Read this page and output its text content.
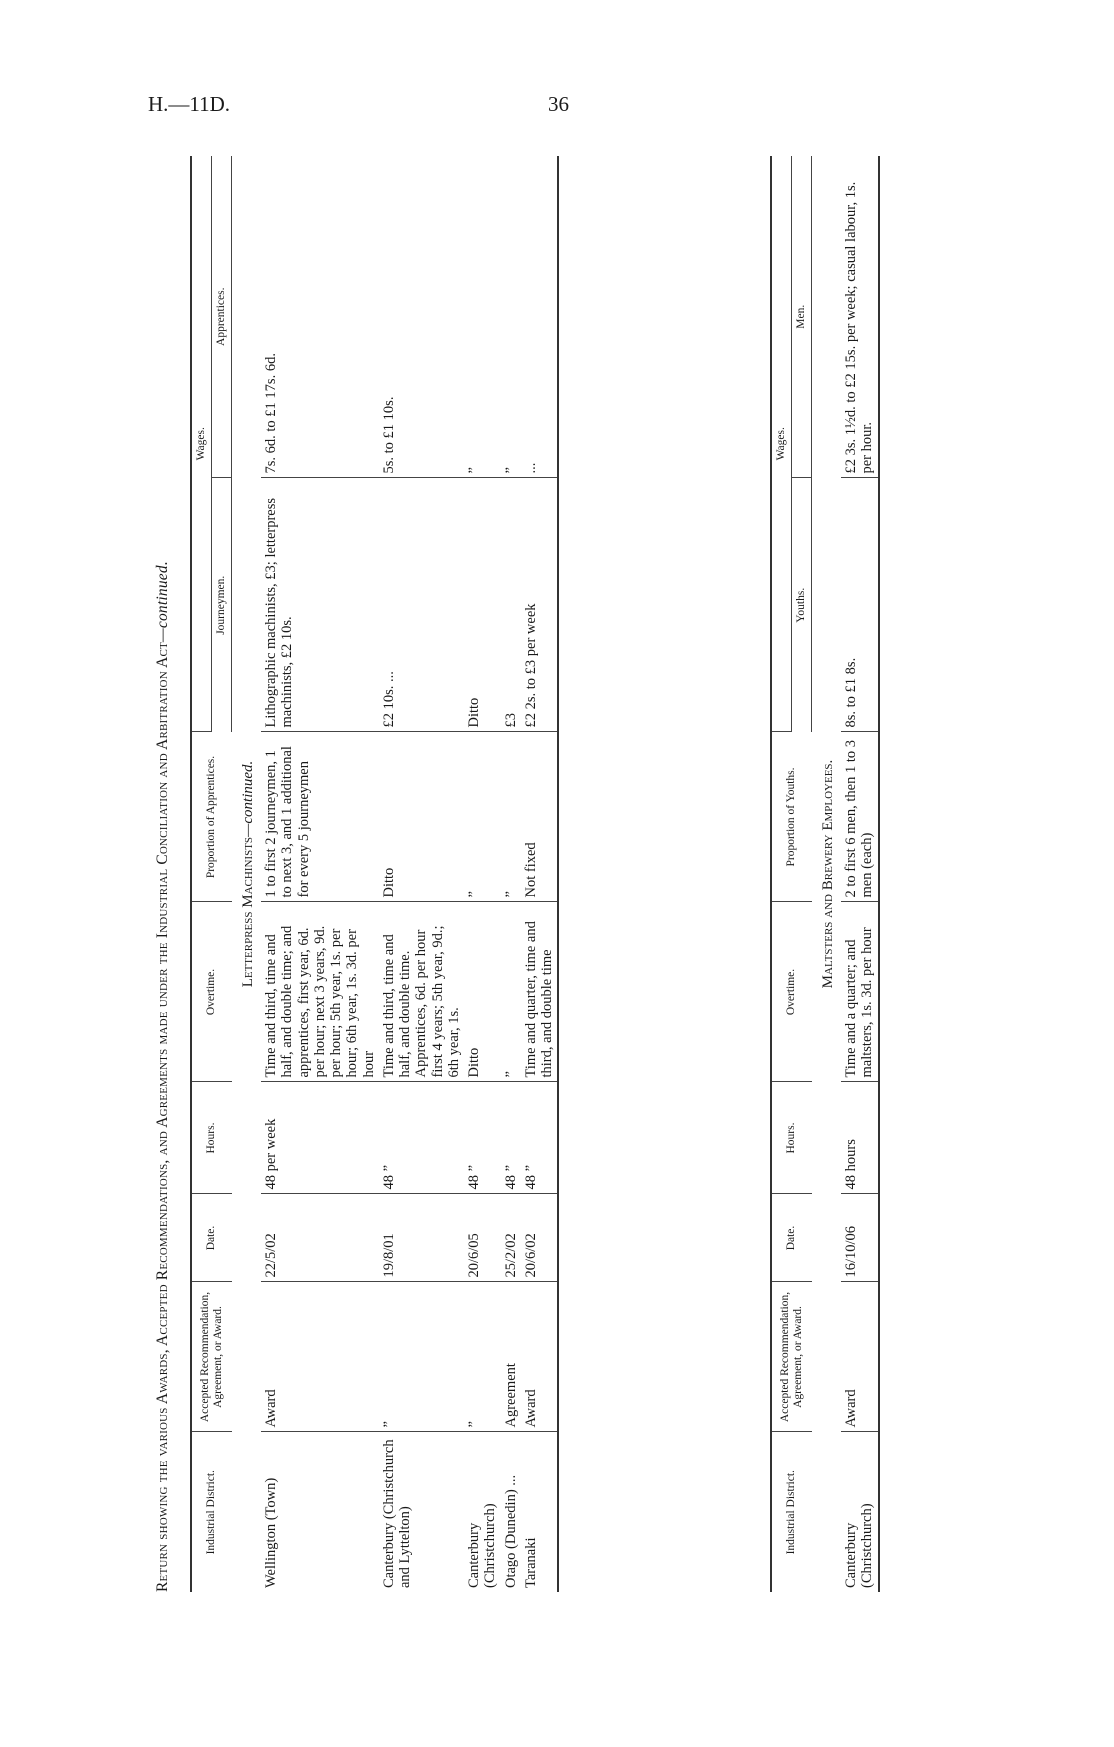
H.—11D.	36
Return showing the various Awards, Accepted Recommendations, and Agreements made under the Industrial Conciliation and Arbitration Act—continued.
Industrial District.	Accepted Recommendation, Agreement, or Award.	Date.	Hours.	Overtime.	Proportion of Apprentices.	Wages.	
						Journeymen.	Apprentices.
Letterpress Machinists—continued.							
Wellington (Town)	Award	22/5/02	48 per week	Time and third, time and half, and double time; and apprentices, first year, 6d. per hour; next 3 years, 9d. per hour; 5th year, 1s. per hour; 6th year, 1s. 3d. per hour	1 to first 2 journeymen, 1 to next 3, and 1 additional for every 5 journeymen	Lithographic machinists, £3; letterpress machinists, £2 10s.	7s. 6d. to £1 17s. 6d.
Canterbury (Christchurch and Lyttelton)	”	19/8/01	48 ”	Time and third, time and half, and double time. Apprentices, 6d. per hour first 4 years; 5th year, 9d.; 6th year, 1s.	Ditto	£2 10s. ...	5s. to £1 10s.
Canterbury (Christchurch)	”	20/6/05	48 ”	Ditto	”	Ditto	”
Otago (Dunedin) ...	Agreement	25/2/02	48 ”	”	”	£3	”
Taranaki	Award	20/6/02	48 ”	Time and quarter, time and third, and double time	Not fixed	£2 2s. to £3 per week	...
Industrial District.	Accepted Recommendation, Agreement, or Award.	Date.	Hours.	Overtime.	Proportion of Youths.	Wages.	
						Youths.	Men.
Maltsters and Brewery Employees.							
Canterbury (Christchurch)	Award	16/10/06	48 hours	Time and a quarter; and maltsters, 1s. 3d. per hour	2 to first 6 men, then 1 to 3 men (each)	8s. to £1 8s.	£2 3s. 1½d. to £2 15s. per week; casual labour, 1s. per hour.
